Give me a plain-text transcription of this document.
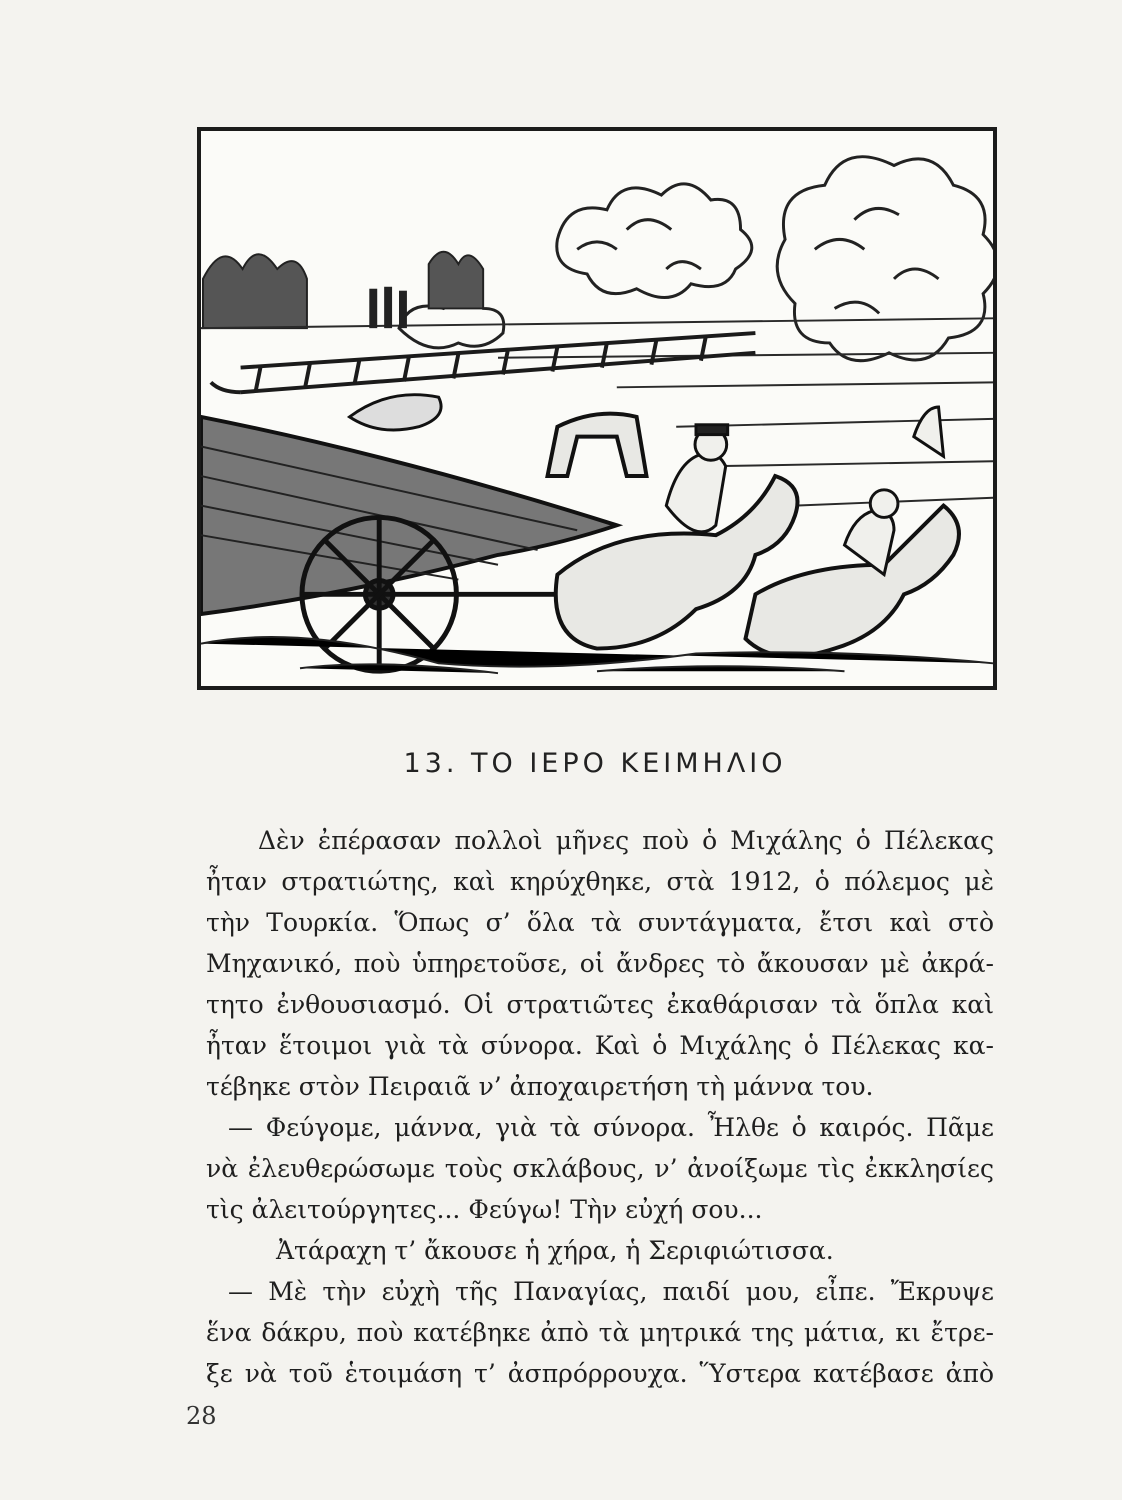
13. ΤΟ ΙΕΡΟ ΚΕΙΜΗΛΙΟ

Δὲν ἐπέρασαν πολλοὶ μῆνες ποὺ ὁ Μιχάλης ὁ Πέλεκας

ἦταν στρατιώτης, καὶ κηρύχθηκε, στὰ 1912, ὁ πόλεμος μὲ

τὴν Τουρκία. Ὅπως σ’ ὅλα τὰ συντάγματα, ἔτσι καὶ στὸ

Μηχανικό, ποὺ ὑπηρετοῦσε, οἱ ἄνδρες τὸ ἄκουσαν μὲ ἀκρά-

τητο ἐνθουσιασμό. Οἱ στρατιῶτες ἐκαθάρισαν τὰ ὅπλα καὶ

ἦταν ἕτοιμοι γιὰ τὰ σύνορα. Καὶ ὁ Μιχάλης ὁ Πέλεκας κα-

τέβηκε στὸν Πειραιᾶ ν’ ἀποχαιρετήση τὴ μάννα του.

— Φεύγομε, μάννα, γιὰ τὰ σύνορα. Ἦλθε ὁ καιρός. Πᾶμε

νὰ ἐλευθερώσωμε τοὺς σκλάβους, ν’ ἀνοίξωμε τὶς ἐκκλησίες

τὶς ἀλειτούργητες... Φεύγω! Τὴν εὐχή σου...

Ἀτάραχη τ’ ἄκουσε ἡ χήρα, ἡ Σεριφιώτισσα.

— Μὲ τὴν εὐχὴ τῆς Παναγίας, παιδί μου, εἶπε. Ἔκρυψε

ἕνα δάκρυ, ποὺ κατέβηκε ἀπὸ τὰ μητρικά της μάτια, κι ἔτρε-

ξε νὰ τοῦ ἑτοιμάση τ’ ἀσπρόρρουχα. Ὕστερα κατέβασε ἀπὸ

28
